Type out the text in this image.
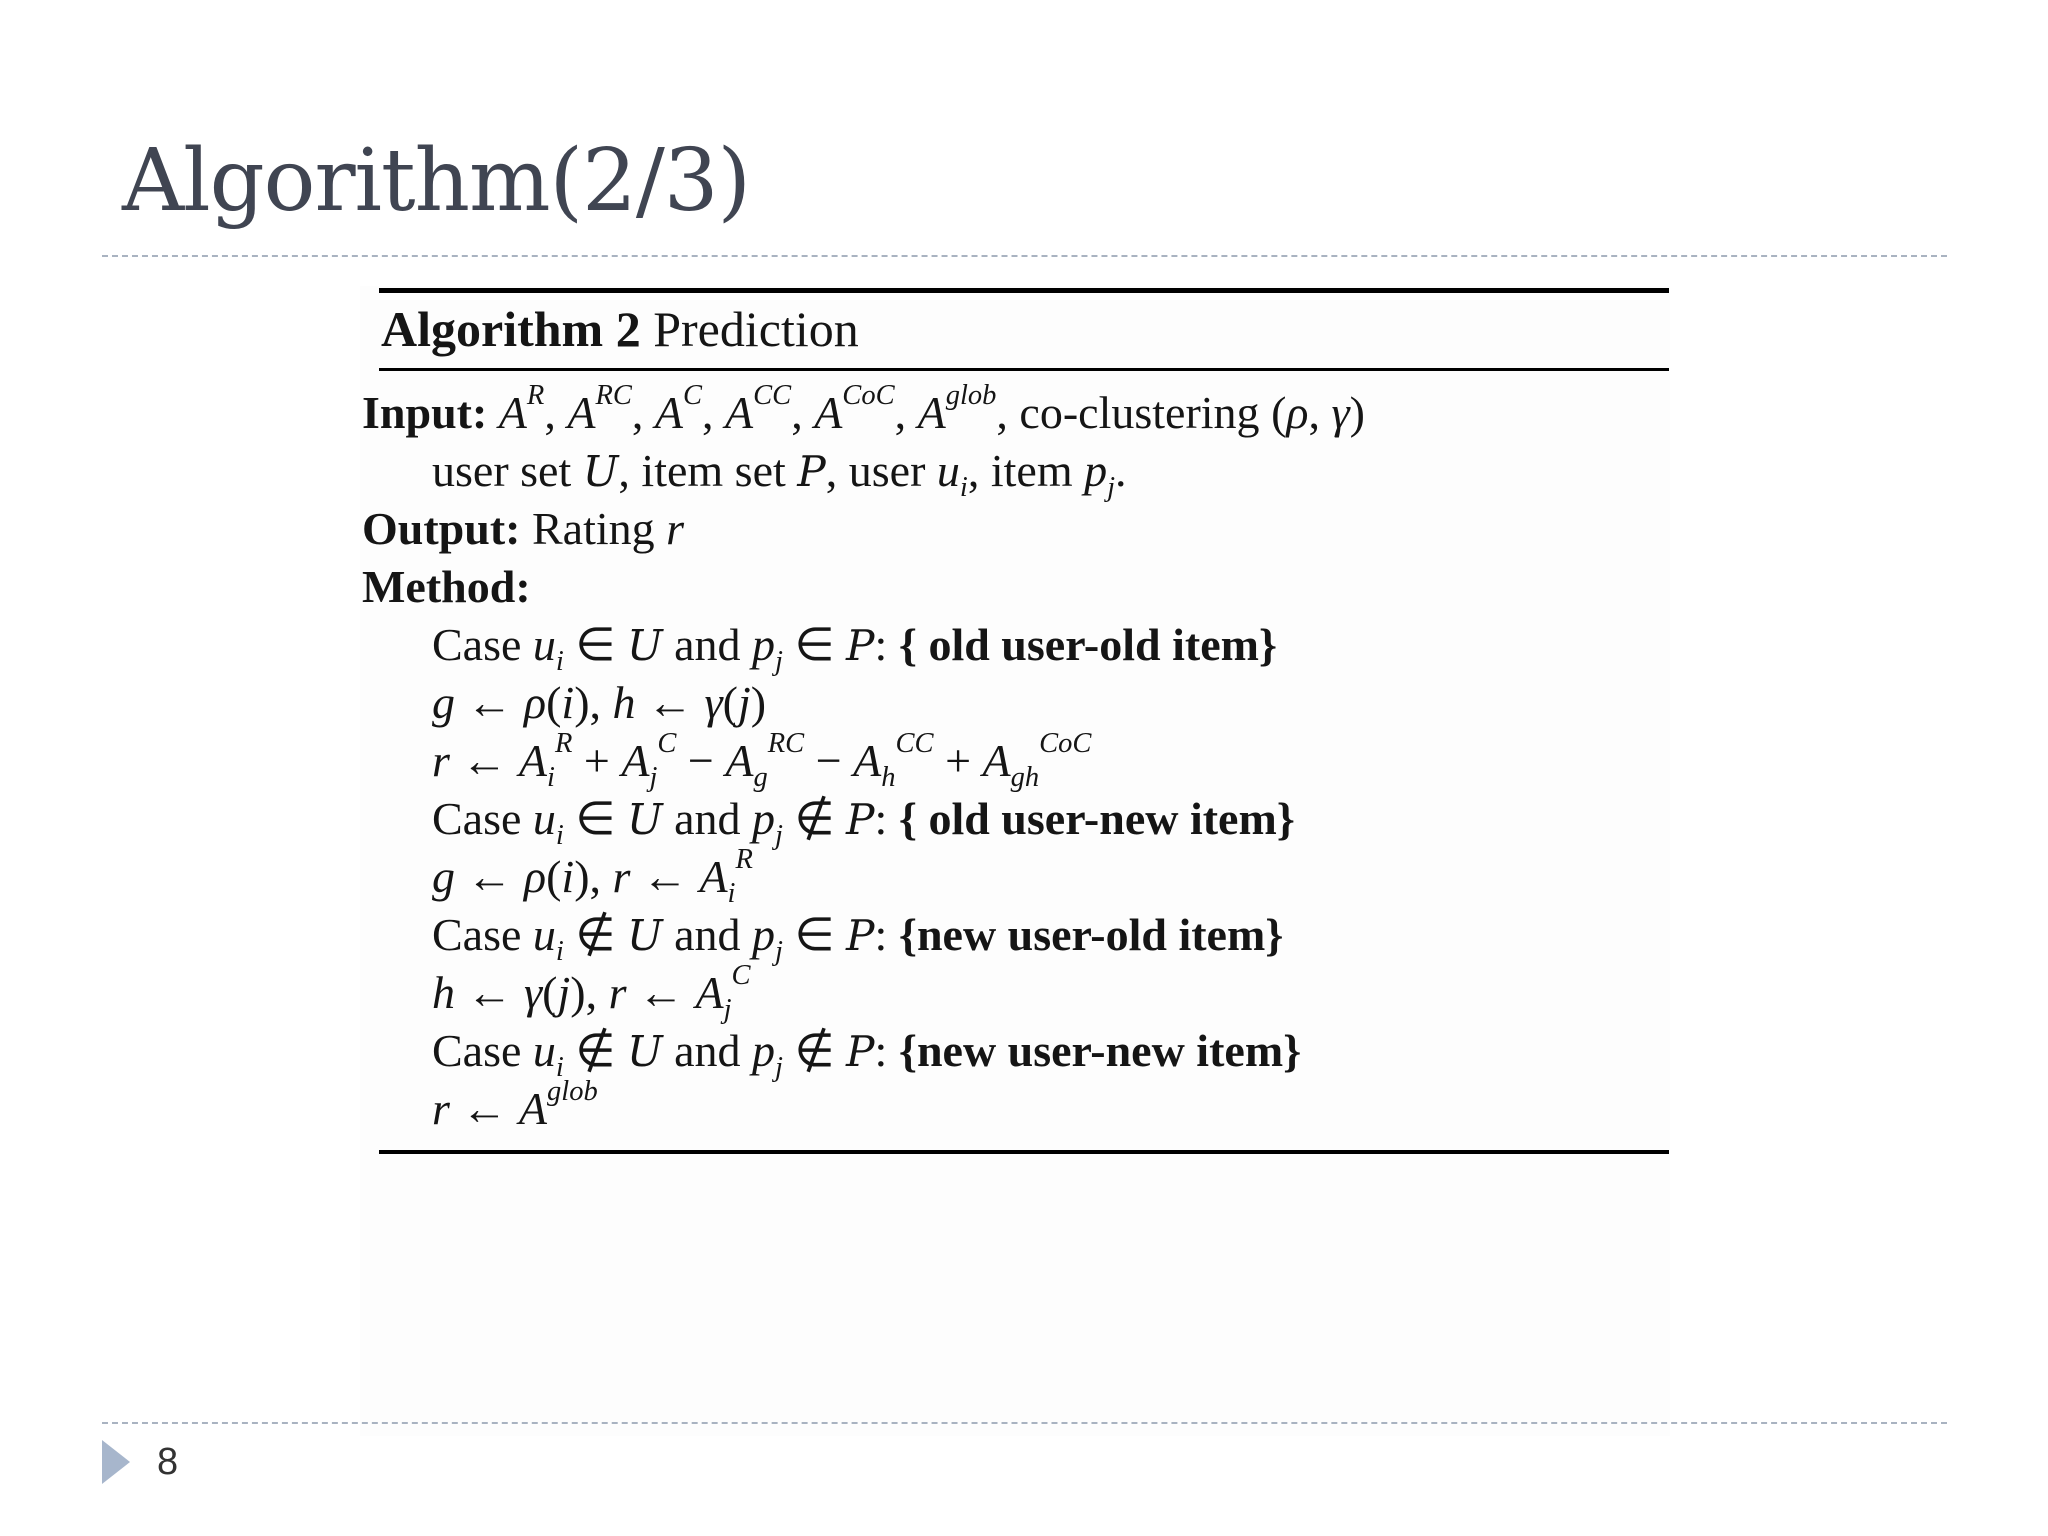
Algorithm(2/3)
Algorithm 2 Prediction
Input: $A^R$, $A^{RC}$, $A^C$, $A^{CC}$, $A^{CoC}$, $A^{glob}$, co-clustering (ρ, γ)
user set U, item set P, user $u_i$, item $p_j$.
Output: Rating r
Method:
Case $u_i$ ∈ U and $p_j$ ∈ P: { old user-old item}
g ← ρ(i), h ← γ(j)
r ← $A_i^R + A_j^C - A_g^{RC} - A_h^{CC} + A_{gh}^{CoC}$
Case $u_i$ ∈ U and $p_j$ ∉ P: { old user-new item}
g ← ρ(i), r ← $A_i^R$
Case $u_i$ ∉ U and $p_j$ ∈ P: {new user-old item}
h ← γ(j), r ← $A_j^C$
Case $u_i$ ∉ U and $p_j$ ∉ P: {new user-new item}
r ← $A^{glob}$
8
